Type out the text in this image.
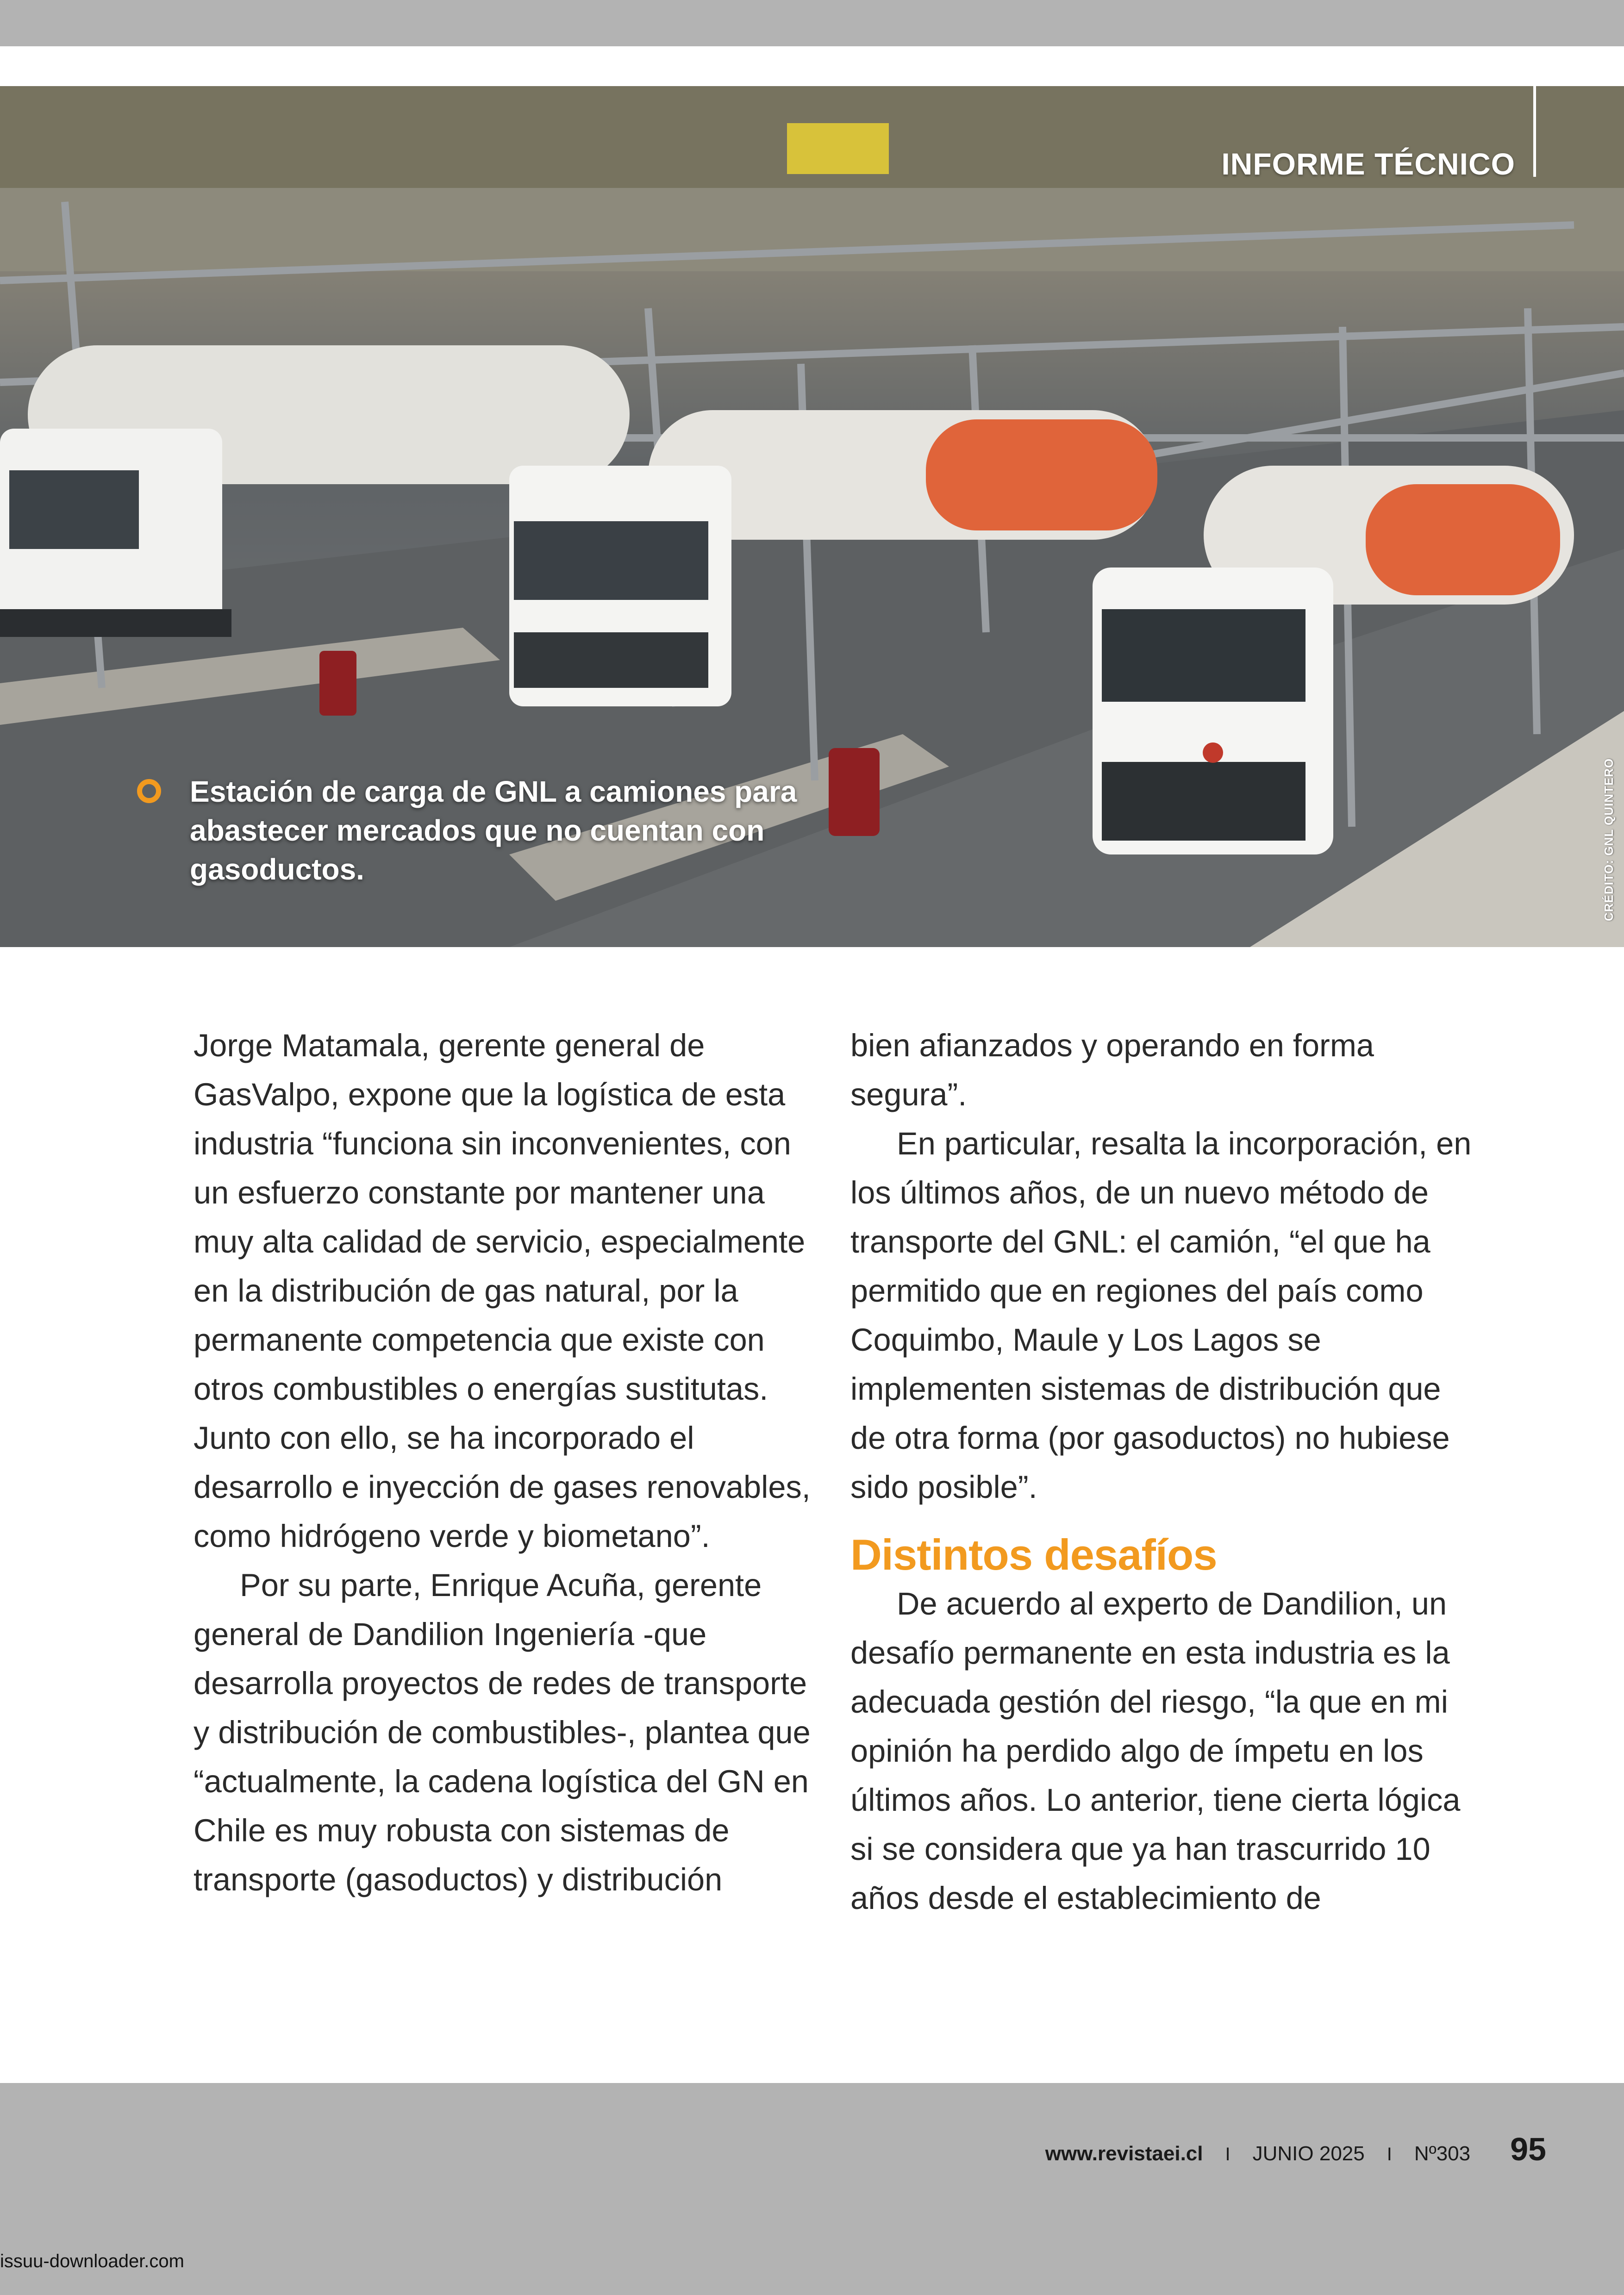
INFORME TÉCNICO
Estación de carga de GNL a camiones para abastecer mercados que no cuentan con gasoductos.	CRÉDITO: GNL QUINTERO

Jorge Matamala, gerente general de GasValpo, expone que la logística de esta industria “funciona sin inconvenientes, con un esfuerzo constante por mantener una muy alta calidad de servicio, especialmente en la distribución de gas natural, por la permanente competencia que existe con otros combustibles o energías sustitutas. Junto con ello, se ha incorporado el desarrollo e inyección de gases renovables, como hidrógeno verde y biometano”.

Por su parte, Enrique Acuña, gerente general de Dandilion Ingeniería -que desarrolla proyectos de redes de transporte y distribución de combustibles-, plantea que “actualmente, la cadena logística del GN en Chile es muy robusta con sistemas de transporte (gasoductos) y distribución

bien afianzados y operando en forma segura”.

En particular, resalta la incorporación, en los últimos años, de un nuevo método de transporte del GNL: el camión, “el que ha permitido que en regiones del país como Coquimbo, Maule y Los Lagos se implementen sistemas de distribución que de otra forma (por gasoductos) no hubiese sido posible”.

Distintos desafíos

De acuerdo al experto de Dandilion, un desafío permanente en esta industria es la adecuada gestión del riesgo, “la que en mi opinión ha perdido algo de ímpetu en los últimos años. Lo anterior, tiene cierta lógica si se considera que ya han trascurrido 10 años desde el establecimiento de

www.revistaei.cl I JUNIO 2025 I Nº303 95
issuu-downloader.com
